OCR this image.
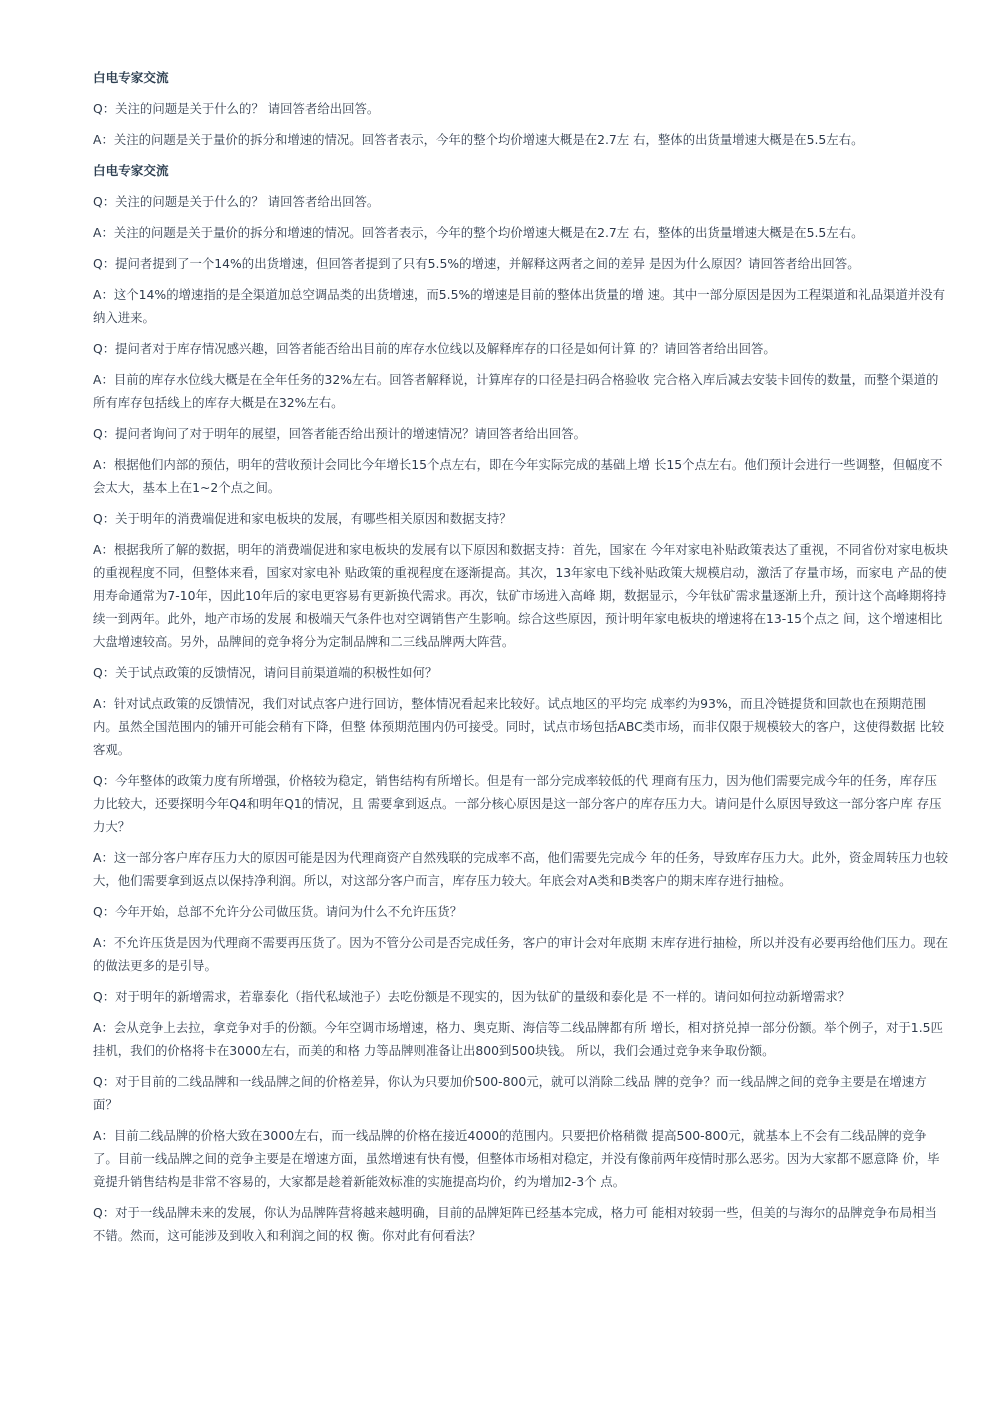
白电专家交流
Q：关注的问题是关于什么的？ 请回答者给出回答。
A：关注的问题是关于量价的拆分和增速的情况。回答者表示，今年的整个均价增速大概是在2.7左 右，整体的出货量增速大概是在5.5左右。
白电专家交流
Q：关注的问题是关于什么的？ 请回答者给出回答。
A：关注的问题是关于量价的拆分和增速的情况。回答者表示，今年的整个均价增速大概是在2.7左 右，整体的出货量增速大概是在5.5左右。
Q：提问者提到了一个14%的出货增速，但回答者提到了只有5.5%的增速，并解释这两者之间的差异 是因为什么原因？请回答者给出回答。
A：这个14%的增速指的是全渠道加总空调品类的出货增速，而5.5%的增速是目前的整体出货量的增 速。其中一部分原因是因为工程渠道和礼品渠道并没有纳入进来。
Q：提问者对于库存情况感兴趣，回答者能否给出目前的库存水位线以及解释库存的口径是如何计算 的？请回答者给出回答。
A：目前的库存水位线大概是在全年任务的32%左右。回答者解释说，计算库存的口径是扫码合格验收 完合格入库后减去安装卡回传的数量，而整个渠道的所有库存包括线上的库存大概是在32%左右。
Q：提问者询问了对于明年的展望，回答者能否给出预计的增速情况？请回答者给出回答。
A：根据他们内部的预估，明年的营收预计会同比今年增长15个点左右，即在今年实际完成的基础上增 长15个点左右。他们预计会进行一些调整，但幅度不会太大，基本上在1~2个点之间。
Q：关于明年的消费端促进和家电板块的发展，有哪些相关原因和数据支持？
A：根据我所了解的数据，明年的消费端促进和家电板块的发展有以下原因和数据支持：首先，国家在 今年对家电补贴政策表达了重视，不同省份对家电板块的重视程度不同，但整体来看，国家对家电补 贴政策的重视程度在逐渐提高。其次，13年家电下线补贴政策大规模启动，激活了存量市场，而家电 产品的使用寿命通常为7-10年，因此10年后的家电更容易有更新换代需求。再次，钛矿市场进入高峰 期，数据显示，今年钛矿需求量逐渐上升，预计这个高峰期将持续一到两年。此外，地产市场的发展 和极端天气条件也对空调销售产生影响。综合这些原因，预计明年家电板块的增速将在13-15个点之 间，这个增速相比大盘增速较高。另外，品牌间的竞争将分为定制品牌和二三线品牌两大阵营。
Q：关于试点政策的反馈情况，请问目前渠道端的积极性如何？
A：针对试点政策的反馈情况，我们对试点客户进行回访，整体情况看起来比较好。试点地区的平均完 成率约为93%，而且冷链提货和回款也在预期范围内。虽然全国范围内的铺开可能会稍有下降，但整 体预期范围内仍可接受。同时，试点市场包括ABC类市场，而非仅限于规模较大的客户，这使得数据 比较客观。
Q：今年整体的政策力度有所增强，价格较为稳定，销售结构有所增长。但是有一部分完成率较低的代 理商有压力，因为他们需要完成今年的任务，库存压力比较大，还要探明今年Q4和明年Q1的情况，且 需要拿到返点。一部分核心原因是这一部分客户的库存压力大。请问是什么原因导致这一部分客户库 存压力大？
A：这一部分客户库存压力大的原因可能是因为代理商资产自然残联的完成率不高，他们需要先完成今 年的任务，导致库存压力大。此外，资金周转压力也较大，他们需要拿到返点以保持净利润。所以，对这部分客户而言，库存压力较大。年底会对A类和B类客户的期末库存进行抽检。
Q：今年开始，总部不允许分公司做压货。请问为什么不允许压货？
A：不允许压货是因为代理商不需要再压货了。因为不管分公司是否完成任务，客户的审计会对年底期 末库存进行抽检，所以并没有必要再给他们压力。现在的做法更多的是引导。
Q：对于明年的新增需求，若靠泰化（指代私域池子）去吃份额是不现实的，因为钛矿的量级和泰化是 不一样的。请问如何拉动新增需求？
A：会从竞争上去拉，拿竞争对手的份额。今年空调市场增速，格力、奥克斯、海信等二线品牌都有所 增长，相对挤兑掉一部分份额。举个例子，对于1.5匹挂机，我们的价格将卡在3000左右，而美的和格 力等品牌则准备让出800到500块钱。 所以，我们会通过竞争来争取份额。
Q：对于目前的二线品牌和一线品牌之间的价格差异，你认为只要加价500-800元，就可以消除二线品 牌的竞争？而一线品牌之间的竞争主要是在增速方面？
A：目前二线品牌的价格大致在3000左右，而一线品牌的价格在接近4000的范围内。只要把价格稍微 提高500-800元，就基本上不会有二线品牌的竞争了。目前一线品牌之间的竞争主要是在增速方面，虽然增速有快有慢，但整体市场相对稳定，并没有像前两年疫情时那么恶劣。因为大家都不愿意降 价，毕竟提升销售结构是非常不容易的，大家都是趁着新能效标准的实施提高均价，约为增加2-3个 点。
Q：对于一线品牌未来的发展，你认为品牌阵营将越来越明确，目前的品牌矩阵已经基本完成，格力可 能相对较弱一些，但美的与海尔的品牌竞争布局相当不错。然而，这可能涉及到收入和利润之间的权 衡。你对此有何看法？
